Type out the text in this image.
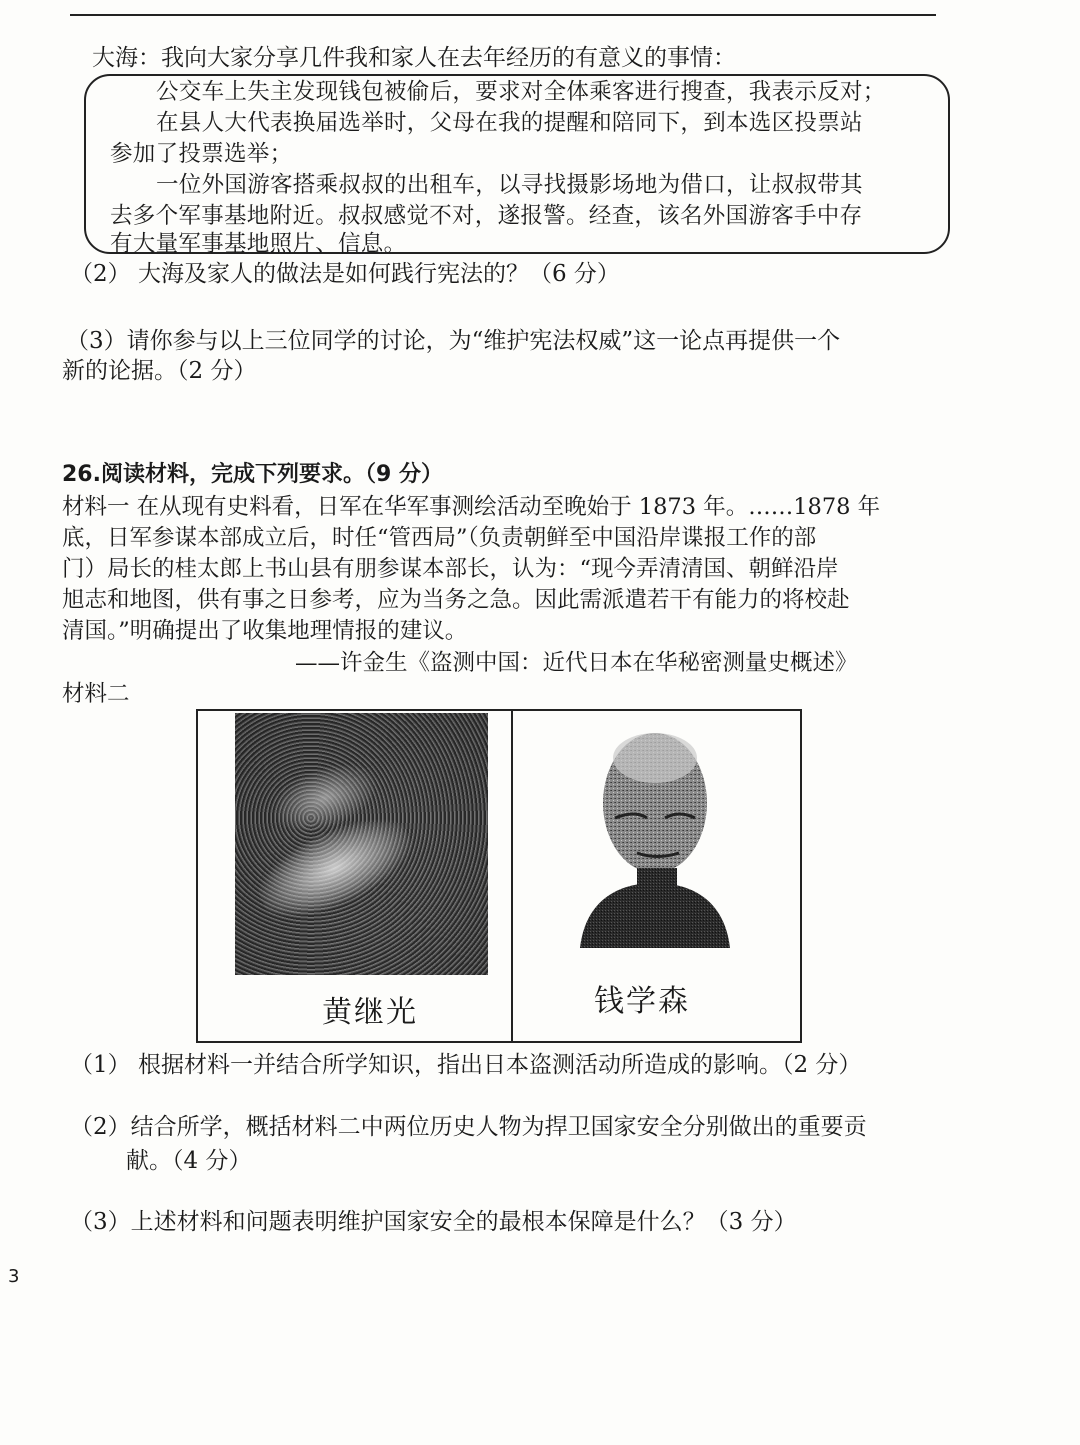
大海：我向大家分享几件我和家人在去年经历的有意义的事情：
公交车上失主发现钱包被偷后，要求对全体乘客进行搜查，我表示反对；
在县人大代表换届选举时，父母在我的提醒和陪同下，到本选区投票站
参加了投票选举；
一位外国游客搭乘叔叔的出租车，以寻找摄影场地为借口，让叔叔带其
去多个军事基地附近。叔叔感觉不对，遂报警。经查，该名外国游客手中存
有大量军事基地照片、信息。
（2） 大海及家人的做法是如何践行宪法的？（6 分）
（3）请你参与以上三位同学的讨论，为“维护宪法权威”这一论点再提供一个
新的论据。（2 分）
26.阅读材料，完成下列要求。（9 分）
材料一 在从现有史料看，日军在华军事测绘活动至晚始于 1873 年。……1878 年
底，日军参谋本部成立后，时任“管西局”（负责朝鲜至中国沿岸谍报工作的部
门）局长的桂太郎上书山县有朋参谋本部长，认为：“现今弄清清国、朝鲜沿岸
旭志和地图，供有事之日参考，应为当务之急。因此需派遣若干有能力的将校赴
清国。”明确提出了收集地理情报的建议。
——许金生《盗测中国：近代日本在华秘密测量史概述》
材料二
黄继光	钱学森
（1） 根据材料一并结合所学知识，指出日本盗测活动所造成的影响。（2 分）
（2）结合所学，概括材料二中两位历史人物为捍卫国家安全分别做出的重要贡
献。（4 分）
（3）上述材料和问题表明维护国家安全的最根本保障是什么？（3 分）
3
